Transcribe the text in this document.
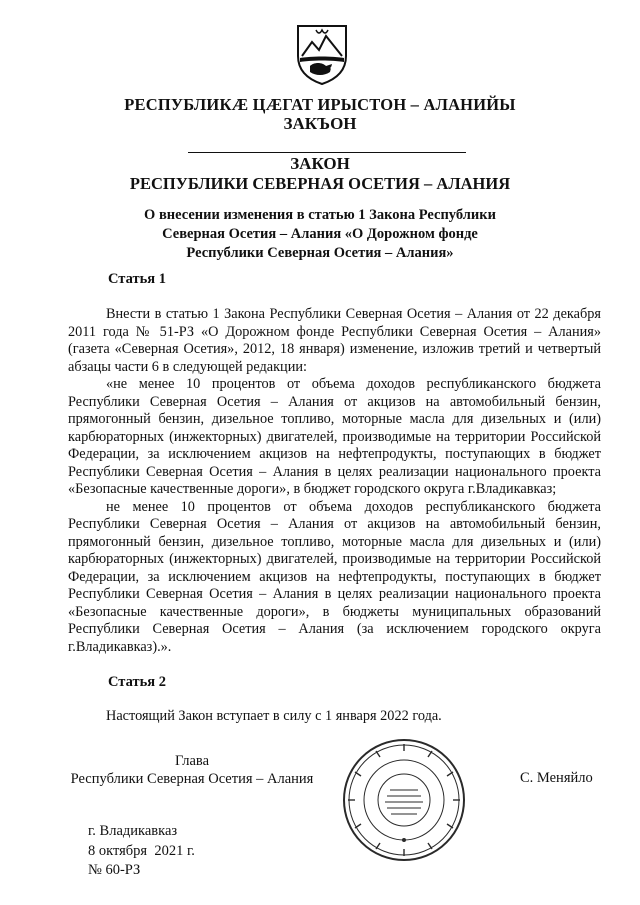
РЕСПУБЛИКӔ ЦӔГАТ ИРЫСТОН – АЛАНИЙЫ
ЗАКЪОН
ЗАКОН
РЕСПУБЛИКИ СЕВЕРНАЯ ОСЕТИЯ – АЛАНИЯ
О внесении изменения в статью 1 Закона Республики
Северная Осетия – Алания «О Дорожном фонде
Республики Северная Осетия – Алания»
Статья 1

Внести в статью 1 Закона Республики Северная Осетия – Алания от 22 декабря 2011 года № 51-РЗ «О Дорожном фонде Республики Северная Осетия – Алания» (газета «Северная Осетия», 2012, 18 января) изменение, изложив третий и четвертый абзацы части 6 в следующей редакции:

«не менее 10 процентов от объема доходов республиканского бюджета Республики Северная Осетия – Алания от акцизов на автомобильный бензин, прямогонный бензин, дизельное топливо, моторные масла для дизельных и (или) карбюраторных (инжекторных) двигателей, производимые на территории Российской Федерации, за исключением акцизов на нефтепродукты, поступающих в бюджет Республики Северная Осетия – Алания в целях реализации национального проекта «Безопасные качественные дороги», в бюджет городского округа г.Владикавказ;

не менее 10 процентов от объема доходов республиканского бюджета Республики Северная Осетия – Алания от акцизов на автомобильный бензин, прямогонный бензин, дизельное топливо, моторные масла для дизельных и (или) карбюраторных (инжекторных) двигателей, производимые на территории Российской Федерации, за исключением акцизов на нефтепродукты, поступающих в бюджет Республики Северная Осетия – Алания в целях реализации национального проекта «Безопасные качественные дороги», в бюджеты муниципальных образований Республики Северная Осетия – Алания (за исключением городского округа г.Владикавказ).».

Статья 2

Настоящий Закон вступает в силу с 1 января 2022 года.

Глава
Республики Северная Осетия – Алания	С. Меняйло
г. Владикавказ
8 октября  2021 г.
№ 60-РЗ
